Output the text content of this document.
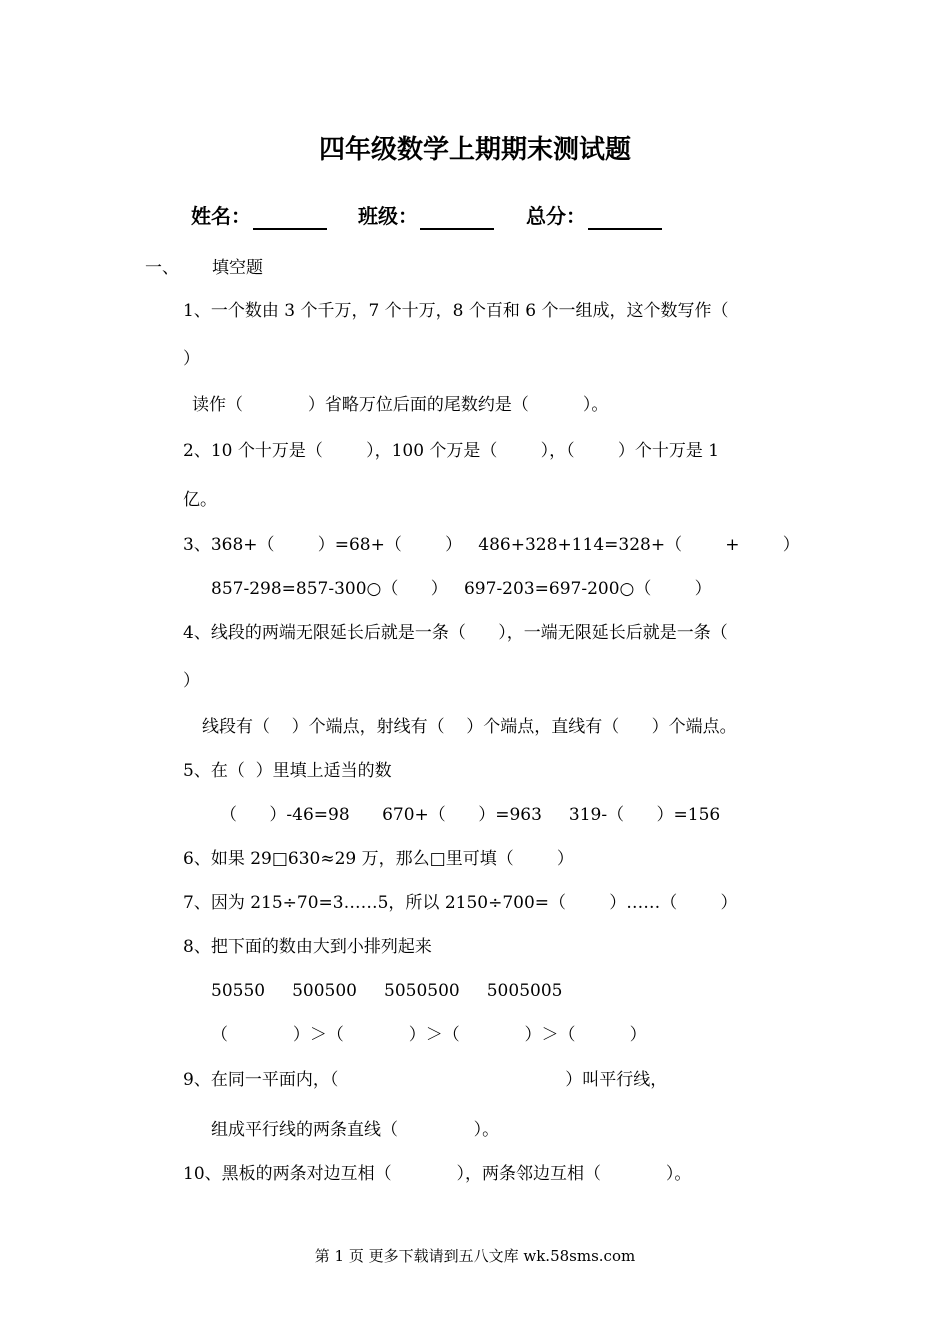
四年级数学上期期末测试题
姓名：	班级：	总分：
一、 填空题
1、一个数由 3 个千万，7 个十万，8 个百和 6 个一组成，这个数写作（
）
读作（            ）省略万位后面的尾数约是（          ）。
2、10 个十万是（        ），100 个万是（        ），（        ）个十万是 1
亿。
3、368+（        ）=68+（        ）   486+328+114=328+（        +        ）
857-298=857-300○（      ）   697-203=697-200○（        ）
4、线段的两端无限延长后就是一条（      ），一端无限延长后就是一条（
）
线段有（    ）个端点，射线有（    ）个端点，直线有（      ）个端点。
5、在（  ）里填上适当的数
（      ）-46=98      670+（      ）=963     319-（      ）=156
6、如果 29□630≈29 万，那么□里可填（        ）
7、因为 215÷70=3……5，所以 2150÷700=（        ）……（        ）
8、把下面的数由大到小排列起来
50550     500500     5050500     5005005
（            ）＞（            ）＞（            ）＞（          ）
9、在同一平面内，（                                          ）叫平行线，
组成平行线的两条直线（              ）。
10、黑板的两条对边互相（            ），两条邻边互相（            ）。
第 1 页 更多下载请到五八文库 wk.58sms.com
